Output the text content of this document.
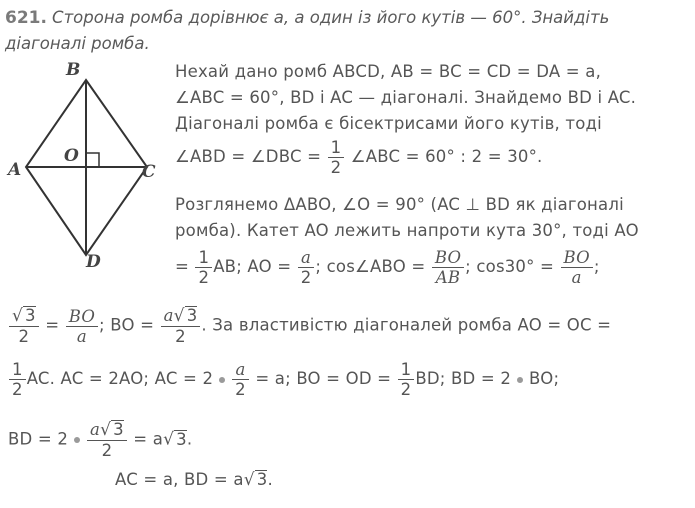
621. Сторона ромба дорівнює a, а один із його кутів — 60°. Знайдіть
діагоналі ромба.
B
A	C
D
O
Нехай дано ромб ABCD, AB = BC = CD = DA = a,
∠ABC = 60°, BD і AC — діагоналі. Знайдемо BD і AC.
Діагоналі ромба є бісектрисами його кутів, тоді
∠ABD = ∠DBC = $\frac{1}{2}$ ∠ABC = 60° : 2 = 30°.
Розглянемо ΔABO, ∠O = 90° (AC ⊥ BD як діагоналі
ромба). Катет AO лежить напроти кута 30°, тоді AO
= $\frac{1}{2}$ AB; AO = $\frac{a}{2}$ ; cos∠ABO = $\frac{BO}{AB}$ ; $\cos 30^\circ = \frac{BO}{a}$ ;
$\frac{√ 3}{2} = \frac{BO}{a}$ ; BO = $\frac{a√ 3}{2}$ . За властивістю діагоналей ромба AO = OC =
$\frac{1}{2}$ AC. AC = 2AO; AC = $2 \frac{a}{2} = a$; BO = OD = $\frac{1}{2}$ BD; BD = 2 BO;
BD = $2 \frac{a√ 3}{2} = a√$ 3.
AC = a, BD = a√ 3.
